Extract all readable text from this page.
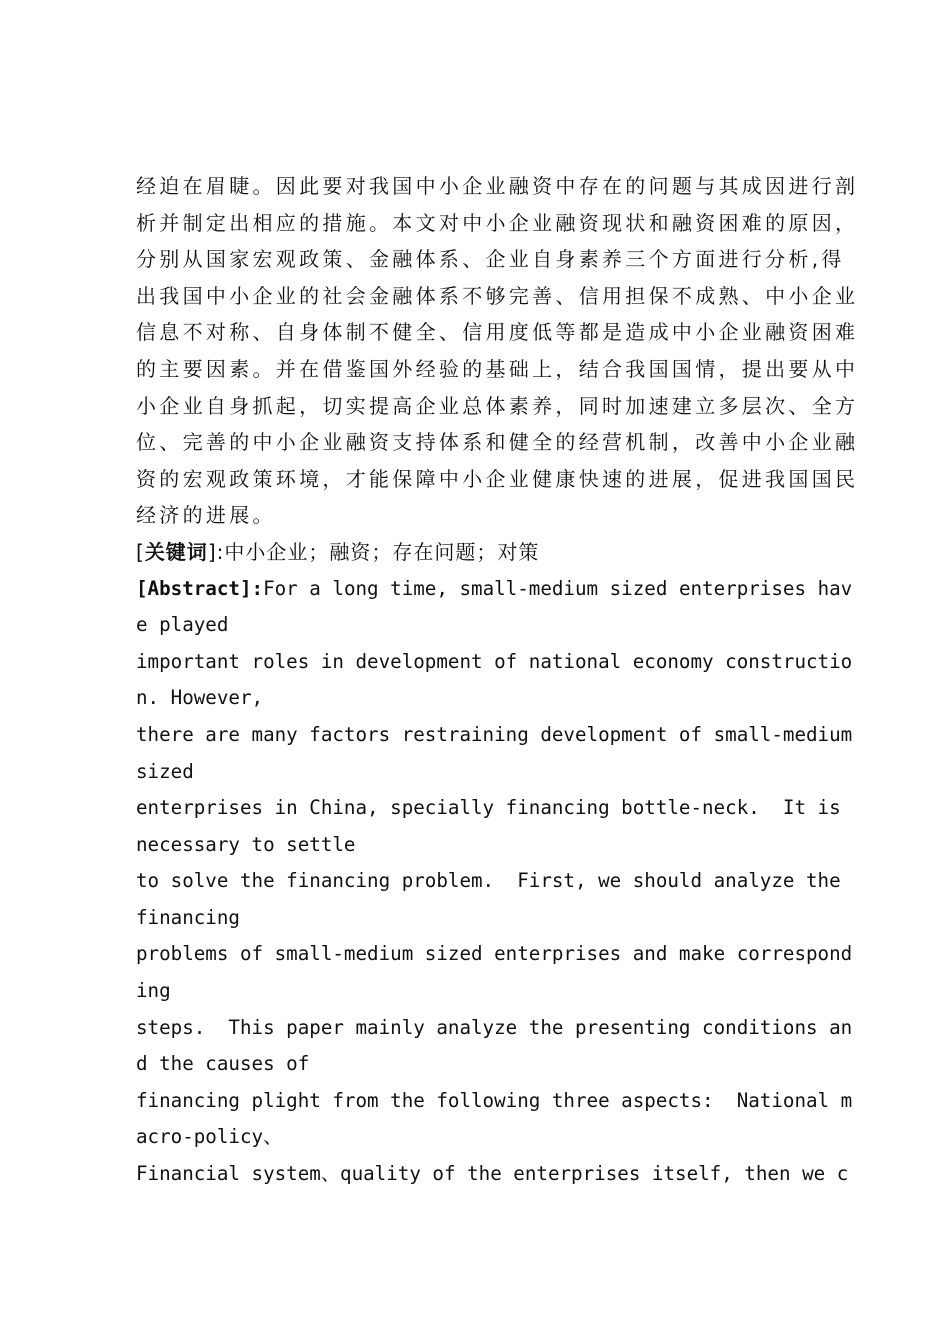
经迫在眉睫。因此要对我国中小企业融资中存在的问题与其成因进行剖
析并制定出相应的措施。本文对中小企业融资现状和融资困难的原因，
分别从国家宏观政策、金融体系、企业自身素养三个方面进行分析,得
出我国中小企业的社会金融体系不够完善、信用担保不成熟、中小企业
信息不对称、自身体制不健全、信用度低等都是造成中小企业融资困难
的主要因素。并在借鉴国外经验的基础上，结合我国国情，提出要从中
小企业自身抓起，切实提高企业总体素养，同时加速建立多层次、全方
位、完善的中小企业融资支持体系和健全的经营机制，改善中小企业融
资的宏观政策环境，才能保障中小企业健康快速的进展，促进我国国民
经济的进展。
[关键词]:中小企业；融资；存在问题；对策
[Abstract]:For a long time, small-medium sized enterprises hav
e played
important roles in development of national economy constructio
n. However,
there are many factors restraining development of small-medium
sized
enterprises in China, specially financing bottle-neck.  It is
necessary to settle
to solve the financing problem.  First, we should analyze the
financing
problems of small-medium sized enterprises and make correspond
ing
steps.  This paper mainly analyze the presenting conditions an
d the causes of
financing plight from the following three aspects:  National m
acro-policy、
Financial system、quality of the enterprises itself, then we c
